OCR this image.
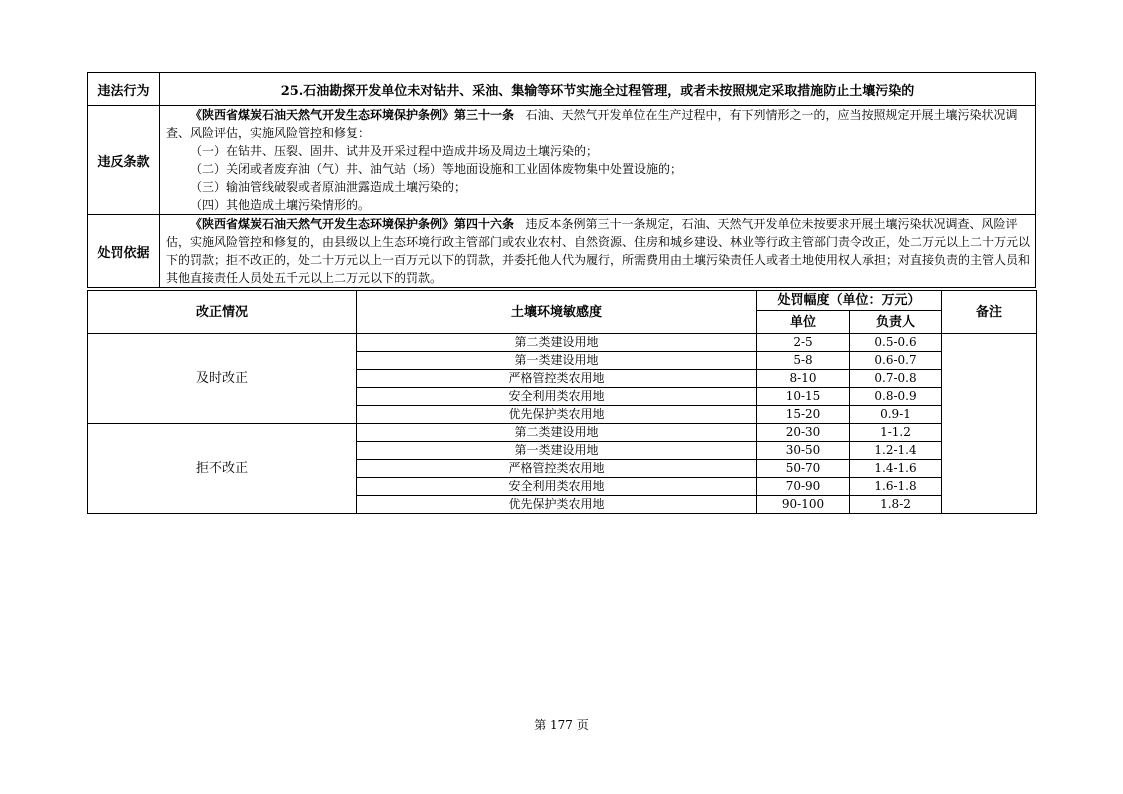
违法行为	25.石油勘探开发单位未对钻井、采油、集输等环节实施全过程管理，或者未按照规定采取措施防止土壤污染的
违反条款	《陕西省煤炭石油天然气开发生态环境保护条例》第三十一条 石油、天然气开发单位在生产过程中，有下列情形之一的，应当按照规定开展土壤污染状况调查、风险评估，实施风险管控和修复：
（一）在钻井、压裂、固井、试井及开采过程中造成井场及周边土壤污染的；
（二）关闭或者废弃油（气）井、油气站（场）等地面设施和工业固体废物集中处置设施的；
（三）输油管线破裂或者原油泄露造成土壤污染的；
（四）其他造成土壤污染情形的。

处罚依据	《陕西省煤炭石油天然气开发生态环境保护条例》第四十六条 违反本条例第三十一条规定，石油、天然气开发单位未按要求开展土壤污染状况调查、风险评估，实施风险管控和修复的，由县级以上生态环境行政主管部门或农业农村、自然资源、住房和城乡建设、林业等行政主管部门责令改正，处二万元以上二十万元以下的罚款；拒不改正的，处二十万元以上一百万元以下的罚款，并委托他人代为履行，所需费用由土壤污染责任人或者土地使用权人承担；对直接负责的主管人员和其他直接责任人员处五千元以上二万元以下的罚款。
改正情况	土壤环境敏感度	处罚幅度（单位：万元）		备注
		单位	负责人	
及时改正	第二类建设用地	2-5	0.5-0.6	
	第一类建设用地	5-8	0.6-0.7	
	严格管控类农用地	8-10	0.7-0.8	
	安全利用类农用地	10-15	0.8-0.9	
	优先保护类农用地	15-20	0.9-1	
拒不改正	第二类建设用地	20-30	1-1.2	
	第一类建设用地	30-50	1.2-1.4	
	严格管控类农用地	50-70	1.4-1.6	
	安全利用类农用地	70-90	1.6-1.8	
	优先保护类农用地	90-100	1.8-2	
第 177 页
